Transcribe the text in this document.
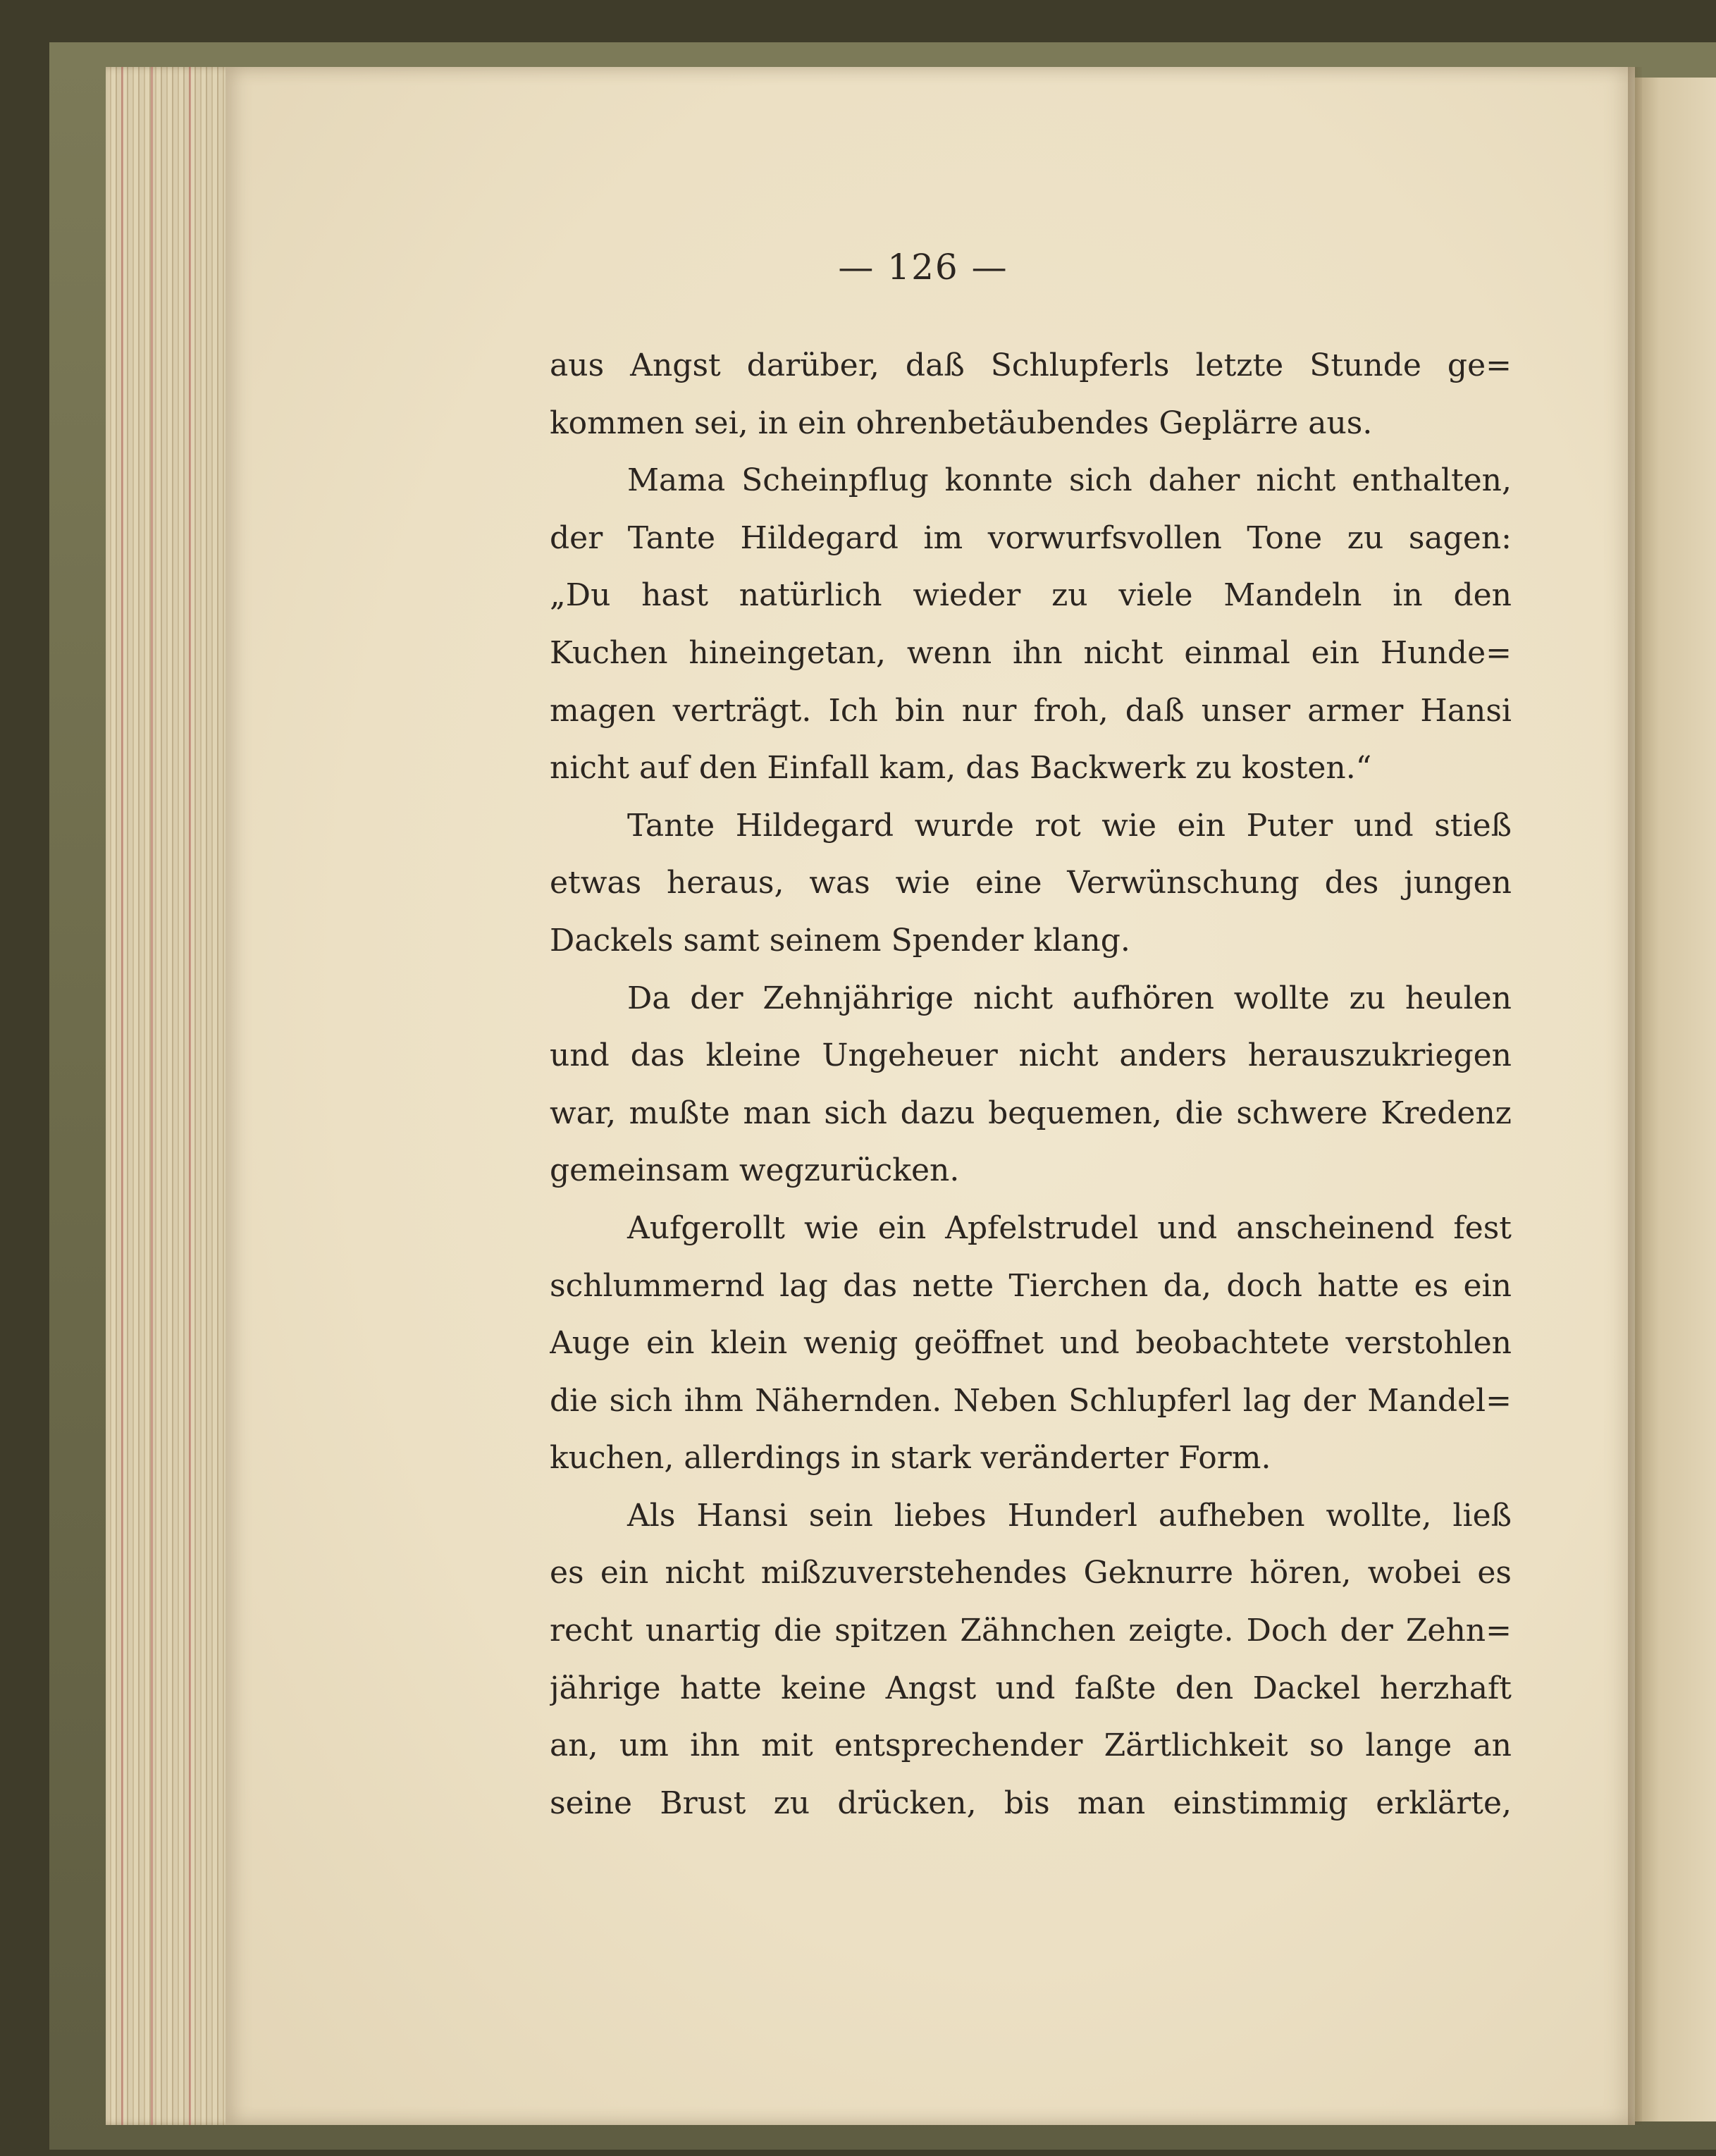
— 126 —
aus Angst darüber, daß Schlupferls letzte Stunde ge=
kommen sei, in ein ohrenbetäubendes Geplärre aus.
Mama Scheinpflug konnte sich daher nicht enthalten,
der Tante Hildegard im vorwurfsvollen Tone zu sagen:
„Du hast natürlich wieder zu viele Mandeln in den
Kuchen hineingetan, wenn ihn nicht einmal ein Hunde=
magen verträgt. Ich bin nur froh, daß unser armer Hansi
nicht auf den Einfall kam, das Backwerk zu kosten.“
Tante Hildegard wurde rot wie ein Puter und stieß
etwas heraus, was wie eine Verwünschung des jungen
Dackels samt seinem Spender klang.
Da der Zehnjährige nicht aufhören wollte zu heulen
und das kleine Ungeheuer nicht anders herauszukriegen
war, mußte man sich dazu bequemen, die schwere Kredenz
gemeinsam wegzurücken.
Aufgerollt wie ein Apfelstrudel und anscheinend fest
schlummernd lag das nette Tierchen da, doch hatte es ein
Auge ein klein wenig geöffnet und beobachtete verstohlen
die sich ihm Nähernden. Neben Schlupferl lag der Mandel=
kuchen, allerdings in stark veränderter Form.
Als Hansi sein liebes Hunderl aufheben wollte, ließ
es ein nicht mißzuverstehendes Geknurre hören, wobei es
recht unartig die spitzen Zähnchen zeigte. Doch der Zehn=
jährige hatte keine Angst und faßte den Dackel herzhaft
an, um ihn mit entsprechender Zärtlichkeit so lange an
seine Brust zu drücken, bis man einstimmig erklärte,
